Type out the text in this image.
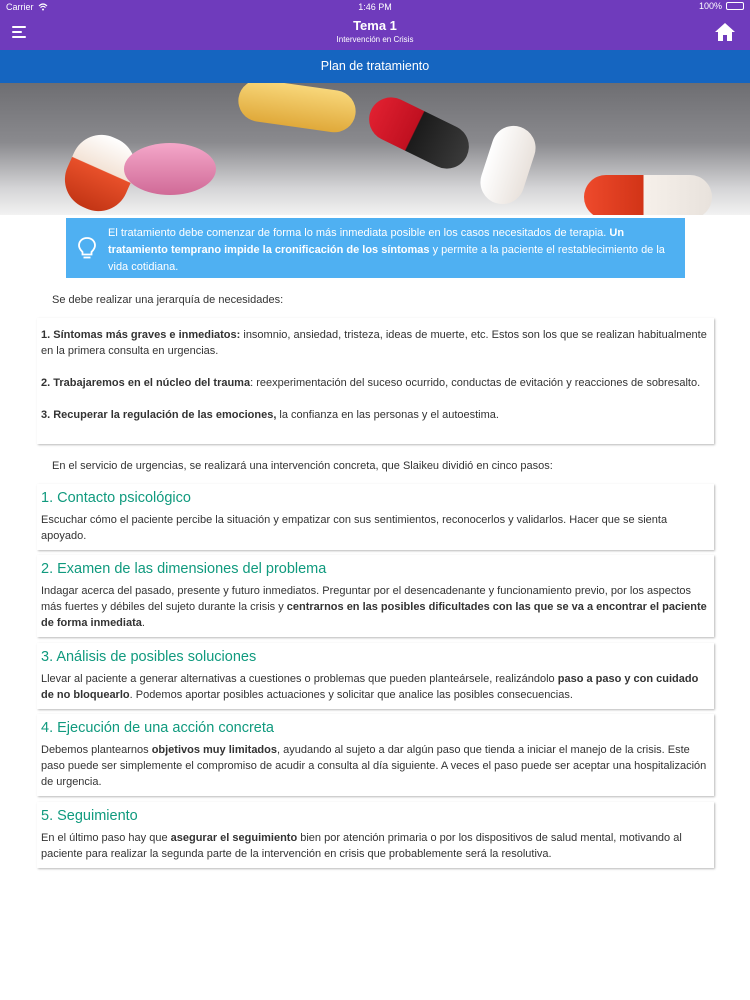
Carrier	1:46 PM	100%
Tema 1
Intervención en Crisis
Plan de tratamiento
El tratamiento debe comenzar de forma lo más inmediata posible en los casos necesitados de terapia. Un tratamiento temprano impide la cronificación de los síntomas y permite a la paciente el restablecimiento de la vida cotidiana.
Se debe realizar una jerarquía de necesidades:

1. Síntomas más graves e inmediatos: insomnio, ansiedad, tristeza, ideas de muerte, etc. Estos son los que se realizan habitualmente en la primera consulta en urgencias.

2. Trabajaremos en el núcleo del trauma: reexperimentación del suceso ocurrido, conductas de evitación y reacciones de sobresalto.

3. Recuperar la regulación de las emociones, la confianza en las personas y el autoestima.

En el servicio de urgencias, se realizará una intervención concreta, que Slaikeu dividió en cinco pasos:
1. Contacto psicológico

Escuchar cómo el paciente percibe la situación y empatizar con sus sentimientos, reconocerlos y validarlos. Hacer que se sienta apoyado.

2. Examen de las dimensiones del problema

Indagar acerca del pasado, presente y futuro inmediatos. Preguntar por el desencadenante y funcionamiento previo, por los aspectos más fuertes y débiles del sujeto durante la crisis y centrarnos en las posibles dificultades con las que se va a encontrar el paciente de forma inmediata.

3. Análisis de posibles soluciones

Llevar al paciente a generar alternativas a cuestiones o problemas que pueden planteársele, realizándolo paso a paso y con cuidado de no bloquearlo. Podemos aportar posibles actuaciones y solicitar que analice las posibles consecuencias.

4. Ejecución de una acción concreta

Debemos plantearnos objetivos muy limitados, ayudando al sujeto a dar algún paso que tienda a iniciar el manejo de la crisis. Este paso puede ser simplemente el compromiso de acudir a consulta al día siguiente. A veces el paso puede ser aceptar una hospitalización de urgencia.

5. Seguimiento

En el último paso hay que asegurar el seguimiento bien por atención primaria o por los dispositivos de salud mental, motivando al paciente para realizar la segunda parte de la intervención en crisis que probablemente será la resolutiva.
